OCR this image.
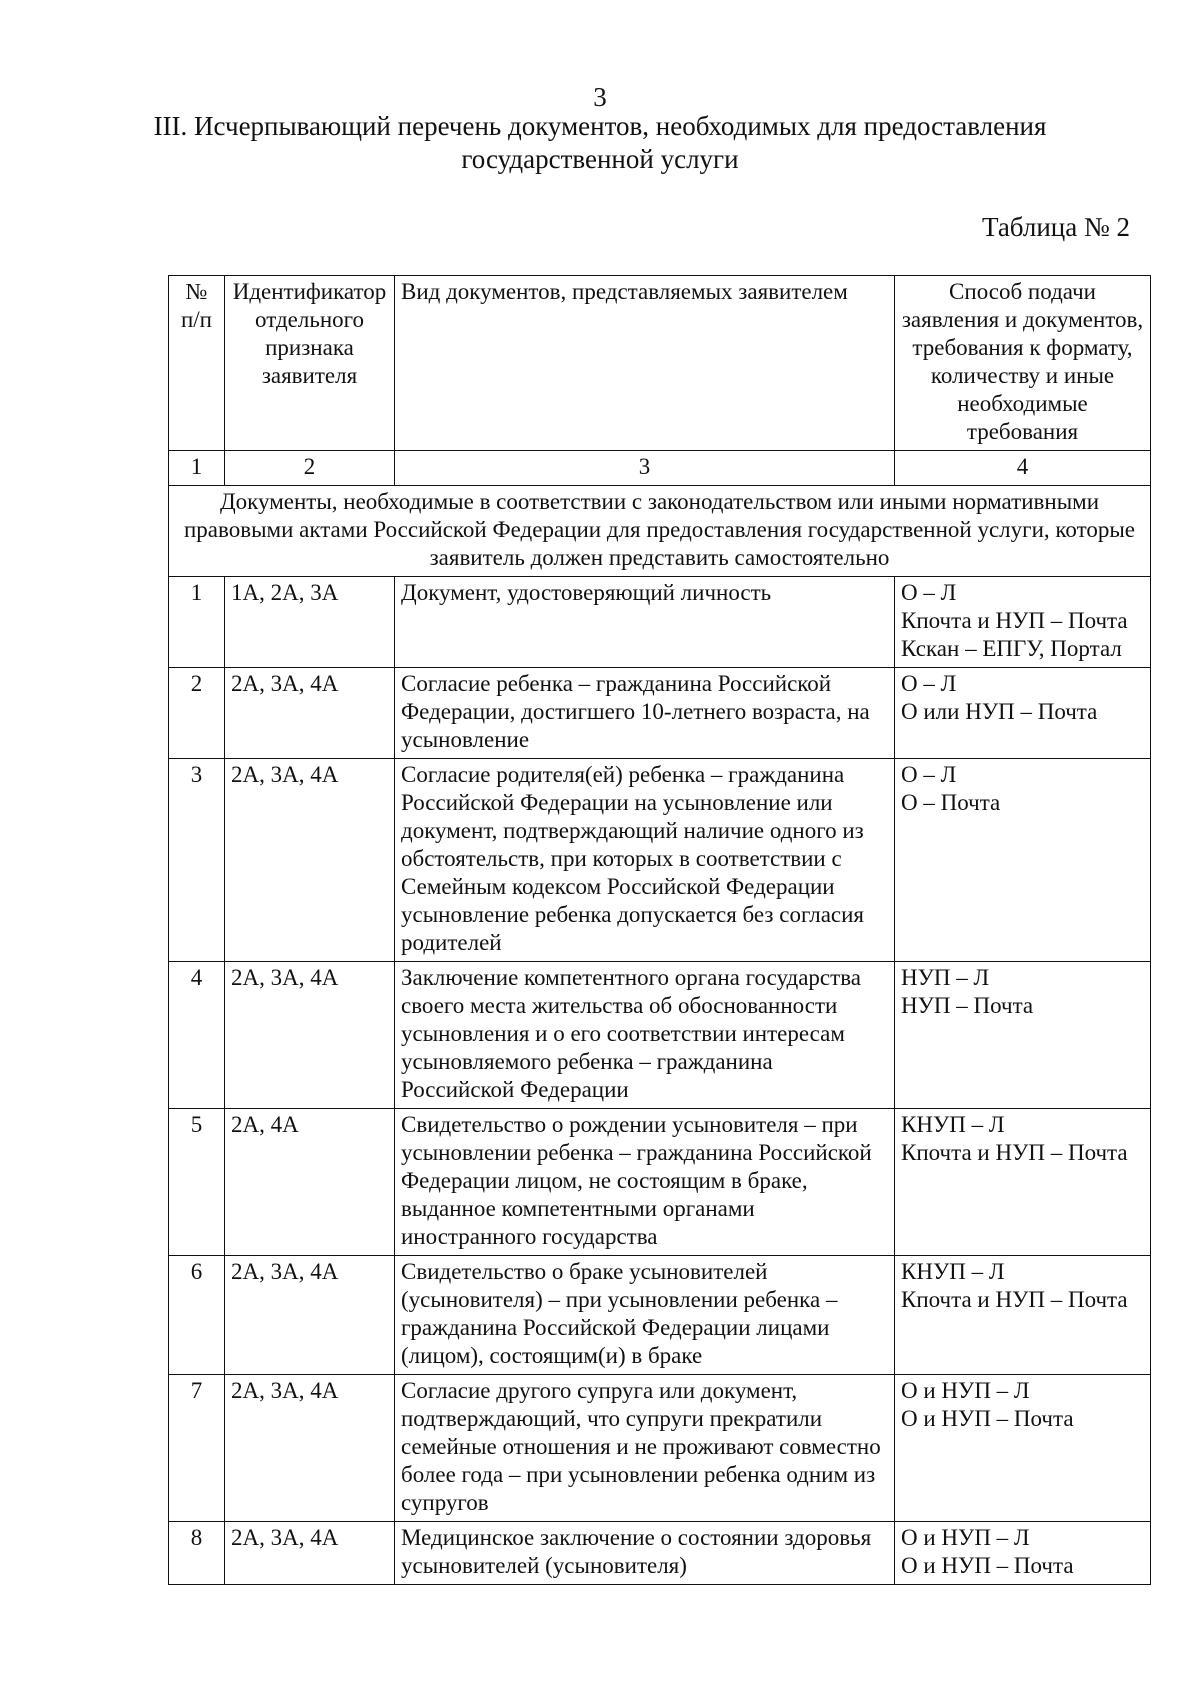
3
III. Исчерпывающий перечень документов, необходимых для предоставления государственной услуги
Таблица № 2
№ п/п	Идентификатор отдельного признака заявителя	Вид документов, представляемых заявителем	Способ подачи заявления и документов, требования к формату, количеству и иные необходимые требования
1	2	3	4
Документы, необходимые в соответствии с законодательством или иными нормативными правовыми актами Российской Федерации для предоставления государственной услуги, которые заявитель должен представить самостоятельно			
1	1А, 2А, 3А	Документ, удостоверяющий личность	О – Л
Кпочта и НУП – Почта
Кскан – ЕПГУ, Портал

2	2А, 3А, 4А	Согласие ребенка – гражданина Российской Федерации, достигшего 10-летнего возраста, на усыновление	О – Л
О или НУП – Почта

3	2А, 3А, 4А	Согласие родителя(ей) ребенка – гражданина Российской Федерации на усыновление или документ, подтверждающий наличие одного из обстоятельств, при которых в соответствии с Семейным кодексом Российской Федерации усыновление ребенка допускается без согласия родителей	О – Л
О – Почта

4	2А, 3А, 4А	Заключение компетентного органа государства своего места жительства об обоснованности усыновления и о его соответствии интересам усыновляемого ребенка – гражданина Российской Федерации	НУП – Л
НУП – Почта

5	2А, 4А	Свидетельство о рождении усыновителя – при усыновлении ребенка – гражданина Российской Федерации лицом, не состоящим в браке, выданное компетентными органами иностранного государства	КНУП – Л
Кпочта и НУП – Почта

6	2А, 3А, 4А	Свидетельство о браке усыновителей (усыновителя) – при усыновлении ребенка – гражданина Российской Федерации лицами (лицом), состоящим(и) в браке	КНУП – Л
Кпочта и НУП – Почта

7	2А, 3А, 4А	Согласие другого супруга или документ, подтверждающий, что супруги прекратили семейные отношения и не проживают совместно более года – при усыновлении ребенка одним из супругов	О и НУП – Л
О и НУП – Почта

8	2А, 3А, 4А	Медицинское заключение о состоянии здоровья усыновителей (усыновителя)	О и НУП – Л
О и НУП – Почта
